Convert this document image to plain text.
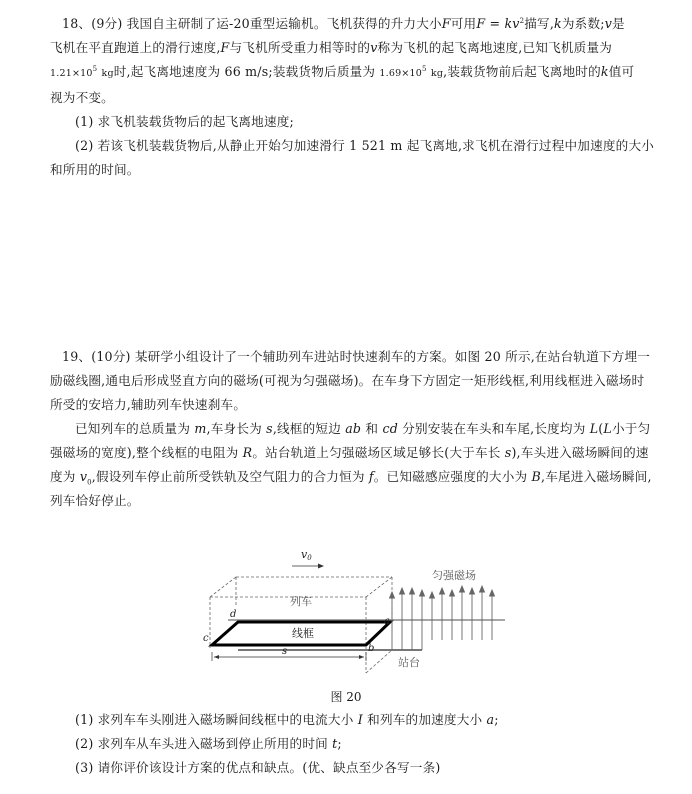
18、(9分) 我国自主研制了运-20重型运输机。飞机获得的升力大小F可用$F = kv^2$描写,k为系数;v是
飞机在平直跑道上的滑行速度,F与飞机所受重力相等时的v称为飞机的起飞离地速度,已知飞机质量为
$1.21\times 10^5$ kg时,起飞离地速度为 66 m/s;装载货物后质量为 $1.69\times 10^5$ kg,装载货物前后起飞离地时的k值可
视为不变。
(1) 求飞机装载货物后的起飞离地速度;
(2) 若该飞机装载货物后,从静止开始匀加速滑行 1 521 m 起飞离地,求飞机在滑行过程中加速度的大小
和所用的时间。
19、(10分) 某研学小组设计了一个辅助列车进站时快速刹车的方案。如图 20 所示,在站台轨道下方埋一
励磁线圈,通电后形成竖直方向的磁场(可视为匀强磁场)。在车身下方固定一矩形线框,利用线框进入磁场时
所受的安培力,辅助列车快速刹车。
已知列车的总质量为 m,车身长为 s,线框的短边 ab 和 cd 分别安装在车头和车尾,长度均为 L(L小于匀
强磁场的宽度),整个线框的电阻为 R。站台轨道上匀强磁场区域足够长(大于车长 s),车头进入磁场瞬间的速
度为 $v_0$,假设列车停止前所受铁轨及空气阻力的合力恒为 f。已知磁感应强度的大小为 B,车尾进入磁场瞬间,
列车恰好停止。
v0
匀强磁场
列车
线框
站台
s
a
b
c
d
图 20
(1) 求列车车头刚进入磁场瞬间线框中的电流大小 I 和列车的加速度大小 a;
(2) 求列车从车头进入磁场到停止所用的时间 t;
(3) 请你评价该设计方案的优点和缺点。(优、缺点至少各写一条)
